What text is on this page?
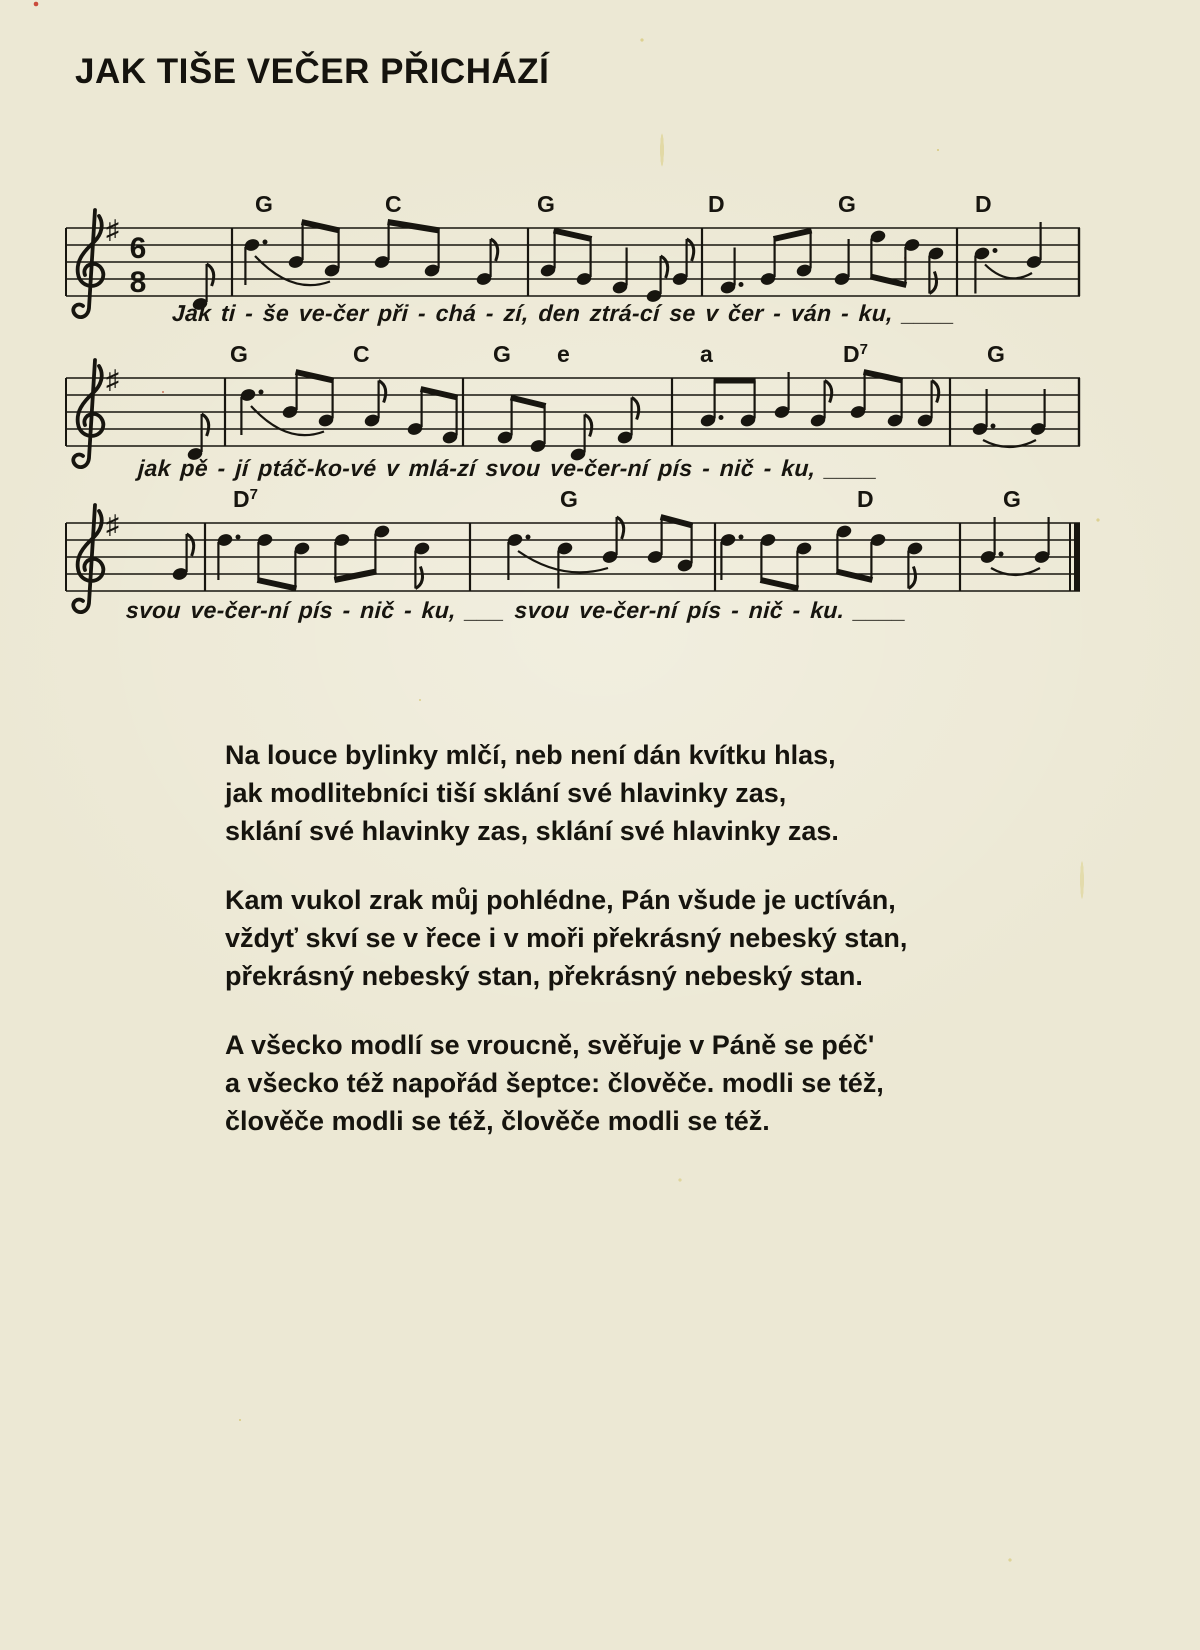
JAK TIŠE VEČER PŘICHÁZÍ
♯
6
8
G	C	G	D	G	D
Jak ti - še ve-čer při - chá - zí, den ztrá-cí se v čer - ván - ku, ____
♯
G	C	G e	a	$D^7$	G
jak pě - jí ptáč-ko-vé v mlá-zí svou ve-čer-ní pís - nič - ku, ____
♯
$D^7$	G	D	G
svou ve-čer-ní pís - nič - ku, ___ svou ve-čer-ní pís - nič - ku. ____
Na louce bylinky mlčí, neb není dán kvítku hlas,
jak modlitebníci tiší sklání své hlavinky zas,
sklání své hlavinky zas, sklání své hlavinky zas.
Kam vukol zrak můj pohlédne, Pán všude je uctíván,
vždyť skví se v řece i v moři překrásný nebeský stan,
překrásný nebeský stan, překrásný nebeský stan.
A všecko modlí se vroucně, svěřuje v Páně se péč'
a všecko též napořád šeptce: člověče. modli se též,
člověče modli se též, člověče modli se též.
